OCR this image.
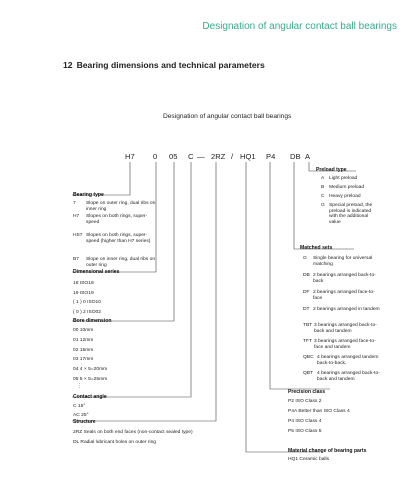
Designation of angular contact ball bearings
12 Bearing dimensions and technical parameters
Designation of angular contact ball bearings
H7 0 05 C — 2RZ / HQ1 P4 DB A
Bearing type
7 Slope on outer ring, dual ribs on inner ring
H7 Slopes on both rings, super-speed
HS7 Slopes on both rings, super-speed (higher than H7 series)
B7 Slope on inner ring, dual ribs on outer ring
Dimensional series
18 ISO18
19 ISO19
( 1 ) 0 ISO10
( 0 ) 2 ISO02
Bore dimension
00 10mm
01 12mm
02 15mm
03 17mm
04 4 × 5=20mm
05 5 × 5=25mm
⋮
Contact angle
C 15°
AC 25°
Structure
2RZ Seals on both end faces (non-contact sealed type)
DL Radial lubricant holes on outer ring
Preload type
A Light preload
B Medium preload
C Heavy preload
G Special preload, the preload is indicated with the additional value
Matched sets
G Single bearing for universal matching
DB 2 bearings arranged back-to-back
DF 2 bearings arranged face-to-face
DT 2 bearings arranged in tandem
TBT 3 bearings arranged back-to-back and tandem
TFT 3 bearings arranged face-to-face and tandem
QBC 4 bearings arranged tandem back-to-back,
QBT 4 bearings arranged back-to-back and tandem
Precision class
P2 ISO Class 2
P4A Better than ISO Class 4
P4 ISO Class 4
P5 ISO Class 5
Material change of bearing parts
HQ1 Ceramic balls
